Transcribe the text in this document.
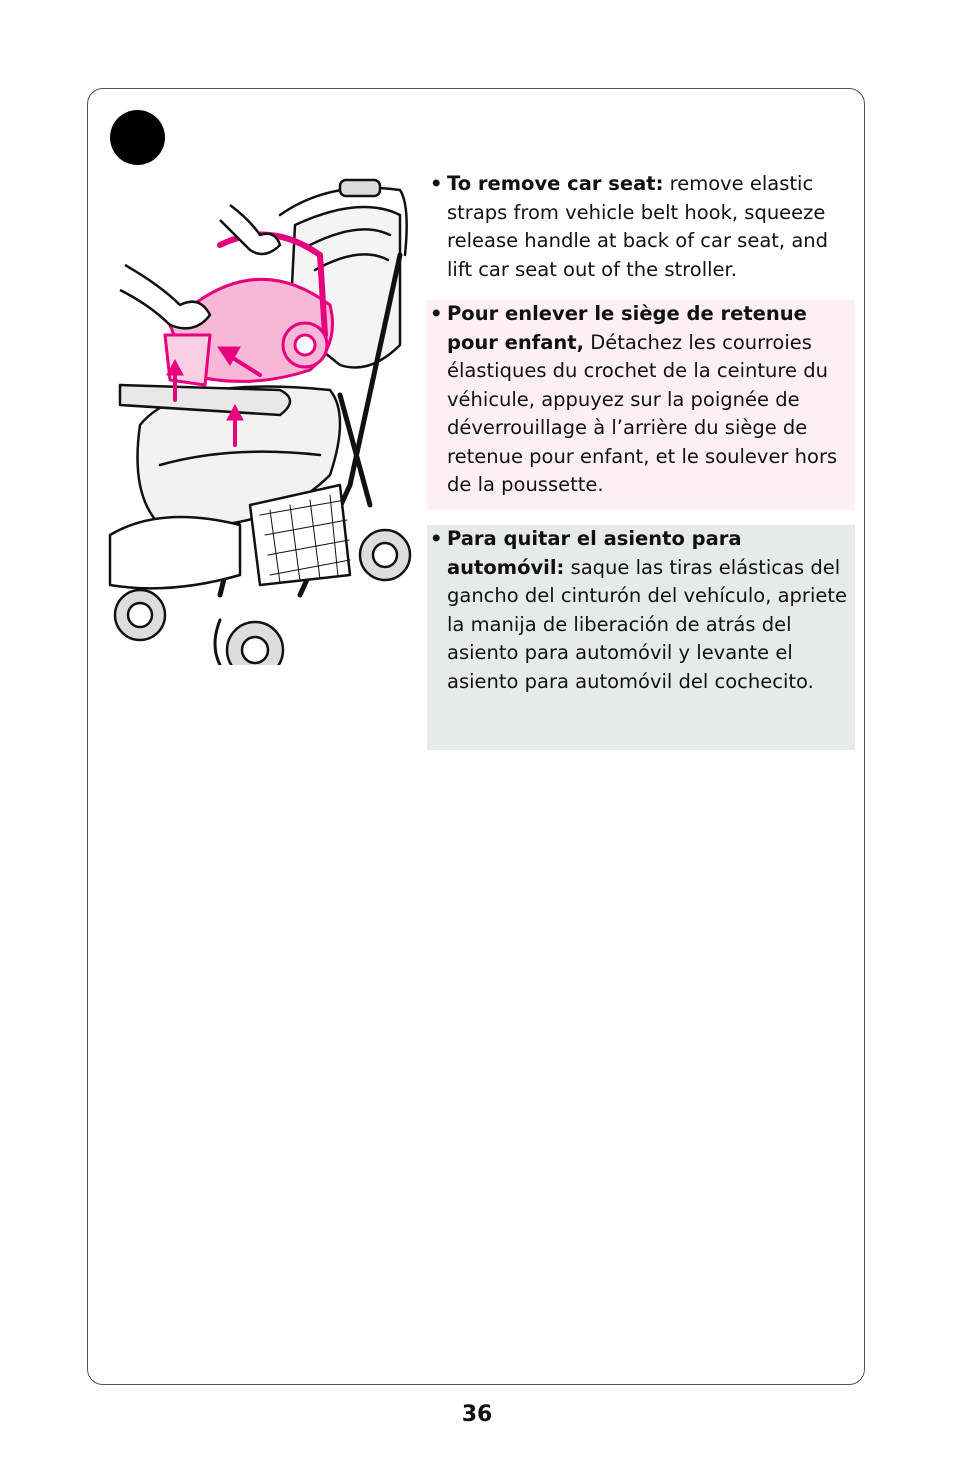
• To remove car seat: remove elastic straps from vehicle belt hook, squeeze release handle at back of car seat, and lift car seat out of the stroller.
• Pour enlever le siège de retenue pour enfant, Détachez les courroies élastiques du crochet de la ceinture du véhicule, appuyez sur la poignée de déverrouillage à l’arrière du siège de retenue pour enfant, et le soulever hors de la poussette.
• Para quitar el asiento para automóvil: saque las tiras elásticas del gancho del cinturón del vehículo, apriete la manija de liberación de atrás del asiento para automóvil y levante el asiento para automóvil del cochecito.
36
